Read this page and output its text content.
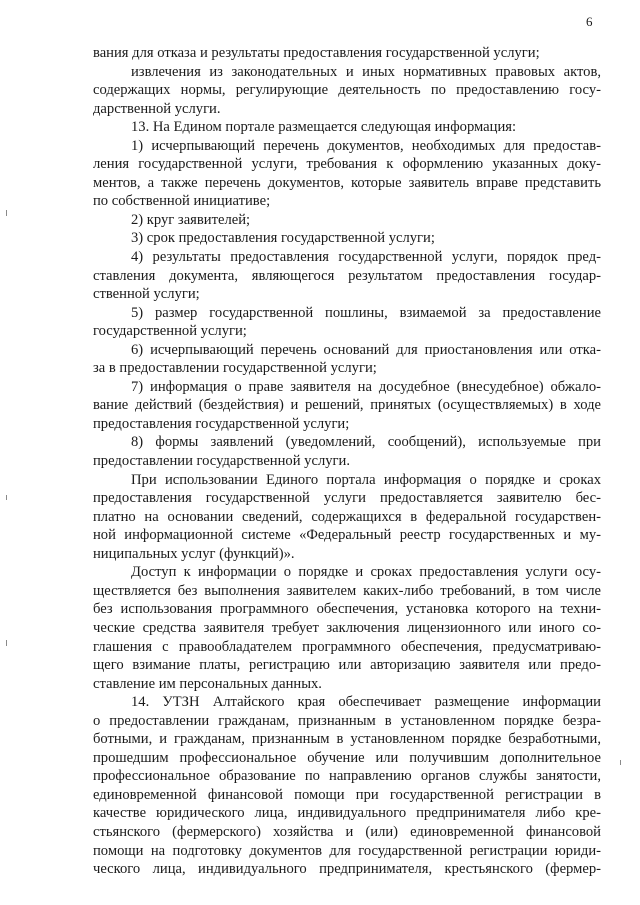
6
вания для отказа и результаты предоставления государственной услуги;
извлечения из законодательных и иных нормативных правовых актов,
содержащих нормы, регулирующие деятельность по предоставлению госу-
дарственной услуги.
13. На Едином портале размещается следующая информация:
1) исчерпывающий перечень документов, необходимых для предостав-
ления государственной услуги, требования к оформлению указанных доку-
ментов, а также перечень документов, которые заявитель вправе представить
по собственной инициативе;
2) круг заявителей;
3) срок предоставления государственной услуги;
4) результаты предоставления государственной услуги, порядок пред-
ставления документа, являющегося результатом предоставления государ-
ственной услуги;
5) размер государственной пошлины, взимаемой за предоставление
государственной услуги;
6) исчерпывающий перечень оснований для приостановления или отка-
за в предоставлении государственной услуги;
7) информация о праве заявителя на досудебное (внесудебное) обжало-
вание действий (бездействия) и решений, принятых (осуществляемых) в ходе
предоставления государственной услуги;
8) формы заявлений (уведомлений, сообщений), используемые при
предоставлении государственной услуги.
При использовании Единого портала информация о порядке и сроках
предоставления государственной услуги предоставляется заявителю бес-
платно на основании сведений, содержащихся в федеральной государствен-
ной информационной системе «Федеральный реестр государственных и му-
ниципальных услуг (функций)».
Доступ к информации о порядке и сроках предоставления услуги осу-
ществляется без выполнения заявителем каких-либо требований, в том числе
без использования программного обеспечения, установка которого на техни-
ческие средства заявителя требует заключения лицензионного или иного со-
глашения с правообладателем программного обеспечения, предусматриваю-
щего взимание платы, регистрацию или авторизацию заявителя или предо-
ставление им персональных данных.
14. УТЗН Алтайского края обеспечивает размещение информации
о предоставлении гражданам, признанным в установленном порядке безра-
ботными, и гражданам, признанным в установленном порядке безработными,
прошедшим профессиональное обучение или получившим дополнительное
профессиональное образование по направлению органов службы занятости,
единовременной финансовой помощи при государственной регистрации в
качестве юридического лица, индивидуального предпринимателя либо кре-
стьянского (фермерского) хозяйства и (или) единовременной финансовой
помощи на подготовку документов для государственной регистрации юриди-
ческого лица, индивидуального предпринимателя, крестьянского (фермер-
